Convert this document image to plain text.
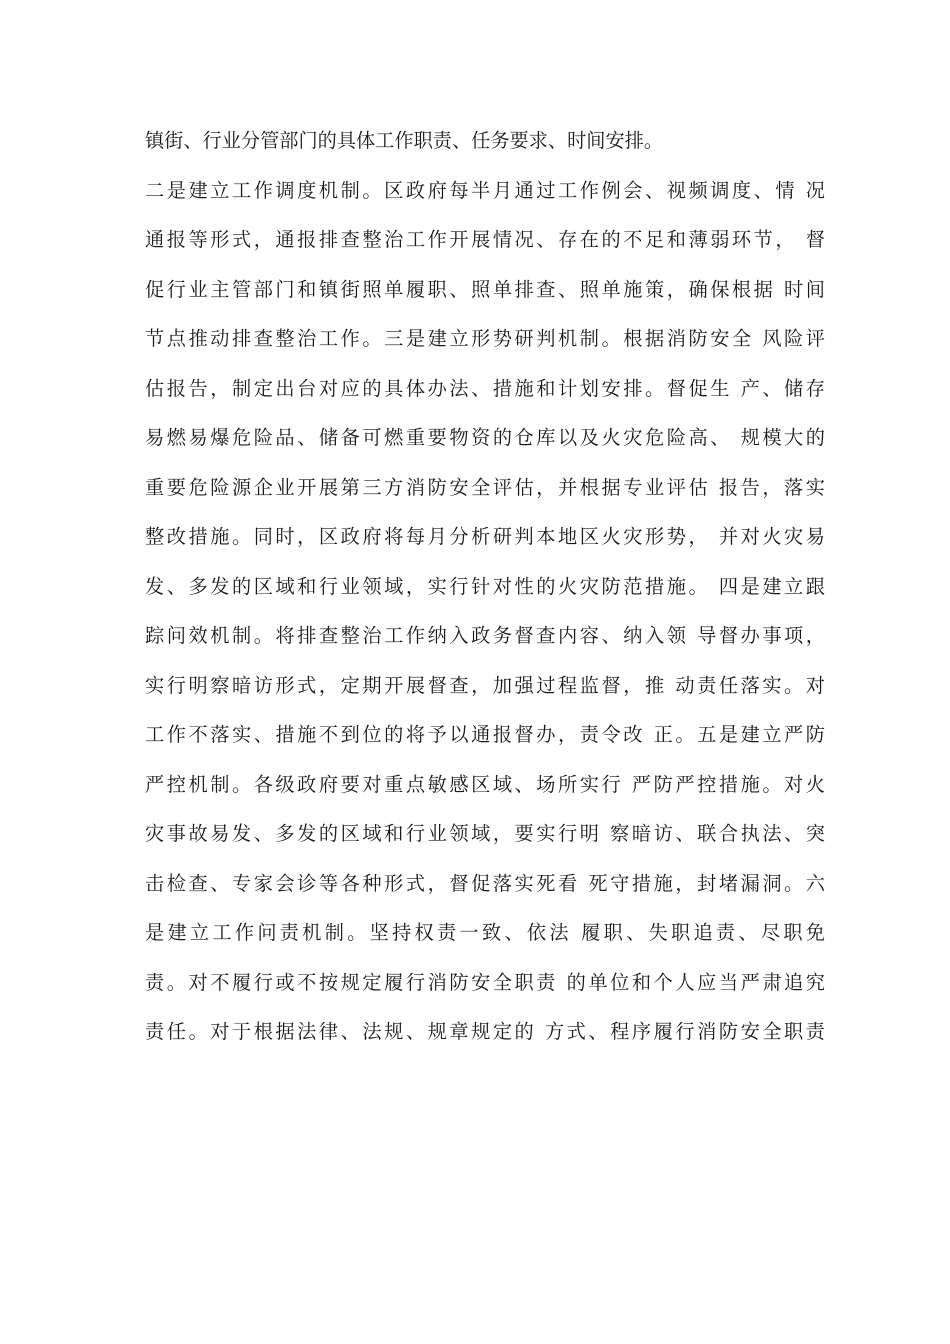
镇街、行业分管部门的具体工作职责、任务要求、时间安排。
二是建立工作调度机制。区政府每半月通过工作例会、视频调度、情 况
通报等形式，通报排查整治工作开展情况、存在的不足和薄弱环节， 督
促行业主管部门和镇街照单履职、照单排查、照单施策，确保根据 时间
节点推动排查整治工作。三是建立形势研判机制。根据消防安全 风险评
估报告，制定出台对应的具体办法、措施和计划安排。督促生 产、储存
易燃易爆危险品、储备可燃重要物资的仓库以及火灾危险高、 规模大的
重要危险源企业开展第三方消防安全评估，并根据专业评估 报告，落实
整改措施。同时，区政府将每月分析研判本地区火灾形势， 并对火灾易
发、多发的区域和行业领域，实行针对性的火灾防范措施。 四是建立跟
踪问效机制。将排查整治工作纳入政务督查内容、纳入领 导督办事项，
实行明察暗访形式，定期开展督查，加强过程监督，推 动责任落实。对
工作不落实、措施不到位的将予以通报督办，责令改 正。五是建立严防
严控机制。各级政府要对重点敏感区域、场所实行 严防严控措施。对火
灾事故易发、多发的区域和行业领域，要实行明 察暗访、联合执法、突
击检查、专家会诊等各种形式，督促落实死看 死守措施，封堵漏洞。六
是建立工作问责机制。坚持权责一致、依法 履职、失职追责、尽职免
责。对不履行或不按规定履行消防安全职责 的单位和个人应当严肃追究
责任。对于根据法律、法规、规章规定的 方式、程序履行消防安全职责
